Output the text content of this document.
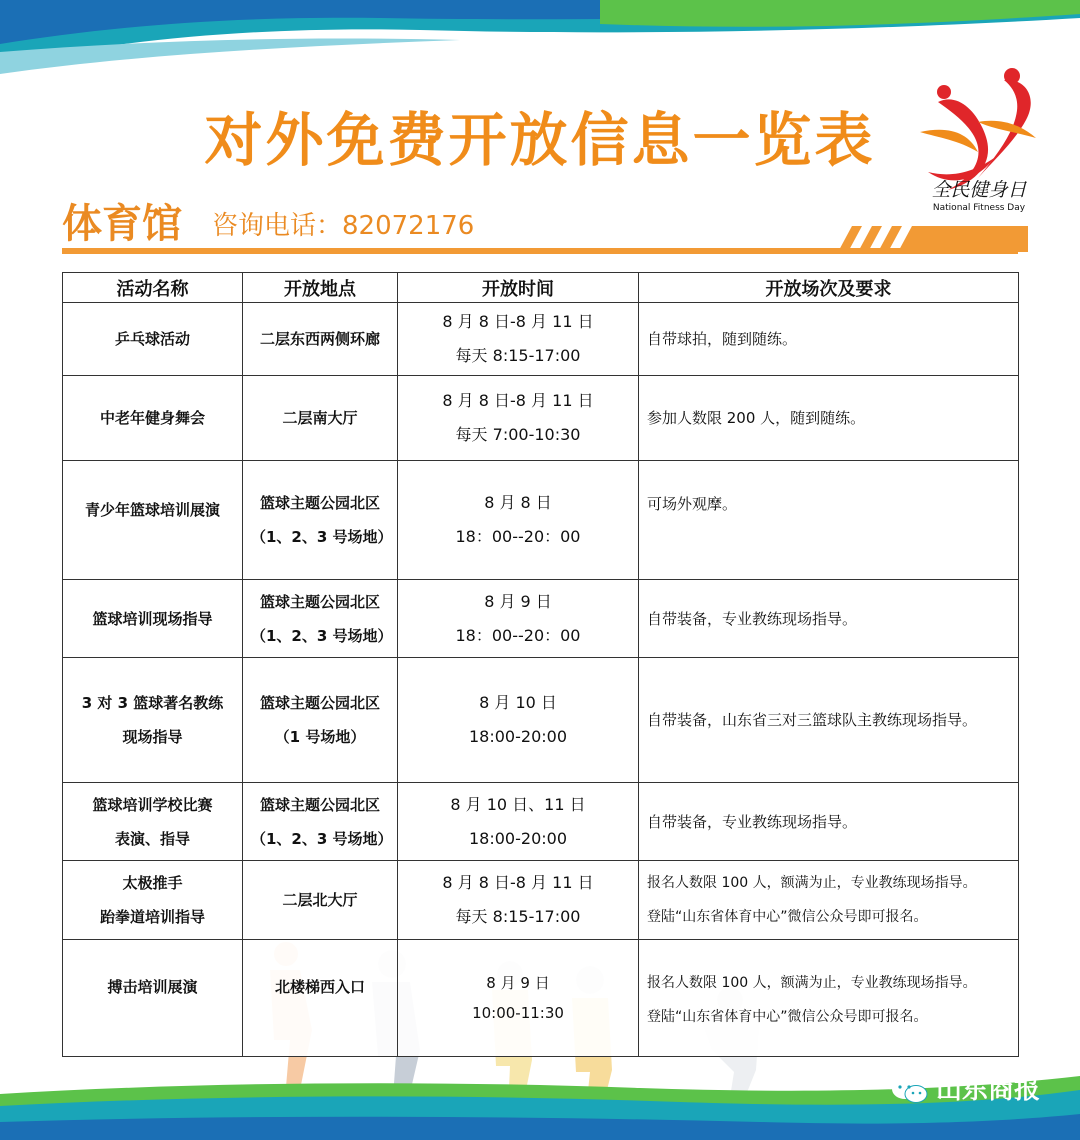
对外免费开放信息一览表
全民健身日
National Fitness Day
体育馆 咨询电话：82072176
活动名称	开放地点	开放时间	开放场次及要求

乒乓球活动	二层东西两侧环廊	8 月 8 日-8 月 11 日
每天 8:15-17:00	自带球拍，随到随练。

中老年健身舞会	二层南大厅	8 月 8 日-8 月 11 日
每天 7:00-10:30	参加人数限 200 人，随到随练。

青少年篮球培训展演	篮球主题公园北区
（1、2、3 号场地）	8 月 8 日
18：00--20：00	可场外观摩。

篮球培训现场指导	篮球主题公园北区
（1、2、3 号场地）	8 月 9 日
18：00--20：00	自带装备，专业教练现场指导。

3 对 3 篮球著名教练
现场指导	篮球主题公园北区
（1 号场地）	8 月 10 日
18:00-20:00	自带装备，山东省三对三篮球队主教练现场指导。

篮球培训学校比赛
表演、指导	篮球主题公园北区
（1、2、3 号场地）	8 月 10 日、11 日
18:00-20:00	自带装备，专业教练现场指导。

太极推手
跆拳道培训指导	二层北大厅	8 月 8 日-8 月 11 日
每天 8:15-17:00	报名人数限 100 人，额满为止，专业教练现场指导。
登陆“山东省体育中心”微信公众号即可报名。

搏击培训展演	北楼梯西入口	8 月 9 日
10:00-11:30	报名人数限 100 人，额满为止，专业教练现场指导。
登陆“山东省体育中心”微信公众号即可报名。
山东商报
